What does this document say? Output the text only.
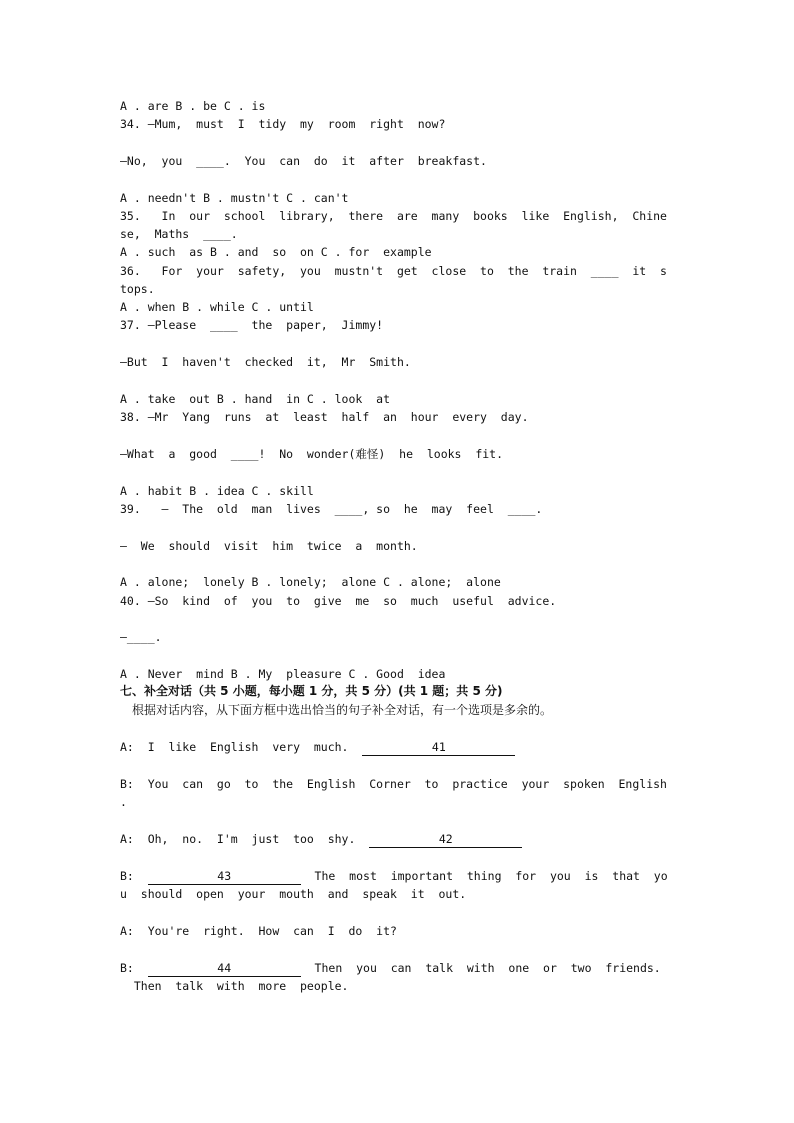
A . are B . be C . is

34. —Mum,  must  I  tidy  my  room  right  now?

—No,  you  ____.  You  can  do  it  after  breakfast.

A . needn't B . mustn't C . can't

35.   In  our  school  library,  there  are  many  books  like  English,  Chine

se,  Maths  ____.

A . such  as B . and  so  on C . for  example

36.   For  your  safety,  you  mustn't  get  close  to  the  train  ____  it  s

tops.

A . when B . while C . until

37. —Please  ____  the  paper,  Jimmy!

—But  I  haven't  checked  it,  Mr  Smith.

A . take  out B . hand  in C . look  at

38. —Mr  Yang  runs  at  least  half  an  hour  every  day.

—What  a  good  ____!  No  wonder(难怪)  he  looks  fit.

A . habit B . idea C . skill

39.   —  The  old  man  lives  ____, so  he  may  feel  ____.

—  We  should  visit  him  twice  a  month.

A . alone;  lonely B . lonely;  alone C . alone;  alone

40. —So  kind  of  you  to  give  me  so  much  useful  advice.

—____.

A . Never  mind B . My  pleasure C . Good  idea

七、补全对话（共 5 小题，每小题 1 分，共 5 分）(共 1 题；共 5 分)

根据对话内容，从下面方框中选出恰当的句子补全对话，有一个选项是多余的。

A:  I  like  English  very  much.	41

B:  You  can  go  to  the  English  Corner  to  practice  your  spoken  English

.

A:  Oh,  no.  I'm  just  too  shy.	42

B:	43	The  most  important  thing  for  you  is  that  yo

u  should  open  your  mouth  and  speak  it  out.

A:  You're  right.  How  can  I  do  it?

B:	44	Then  you  can  talk  with  one  or  two  friends.

Then  talk  with  more  people.
